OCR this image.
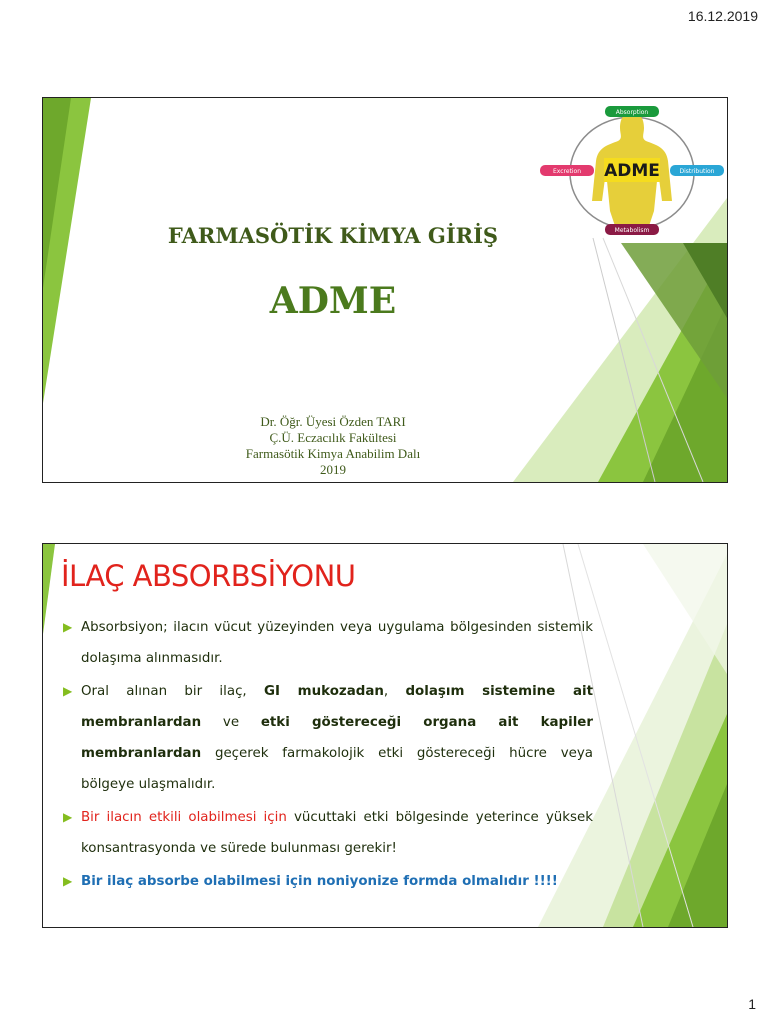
16.12.2019
ADME
Absorption
Distribution
Metabolism
Excretion
FARMASÖTİK KİMYA GİRİŞ
ADME
Dr. Öğr. Üyesi Özden TARI
Ç.Ü. Eczacılık Fakültesi
Farmasötik Kimya Anabilim Dalı
2019
İLAÇ ABSORBSİYONU
▶ Absorbsiyon; ilacın vücut yüzeyinden veya uygulama bölgesinden sistemik dolaşıma alınmasıdır.
▶ Oral alınan bir ilaç, GI mukozadan, dolaşım sistemine ait membranlardan ve etki göstereceği organa ait kapiler membranlardan geçerek farmakolojik etki göstereceği hücre veya bölgeye ulaşmalıdır.
▶ Bir ilacın etkili olabilmesi için vücuttaki etki bölgesinde yeterince yüksek konsantrasyonda ve sürede bulunması gerekir!
▶ Bir ilaç absorbe olabilmesi için noniyonize formda olmalıdır !!!!
1
